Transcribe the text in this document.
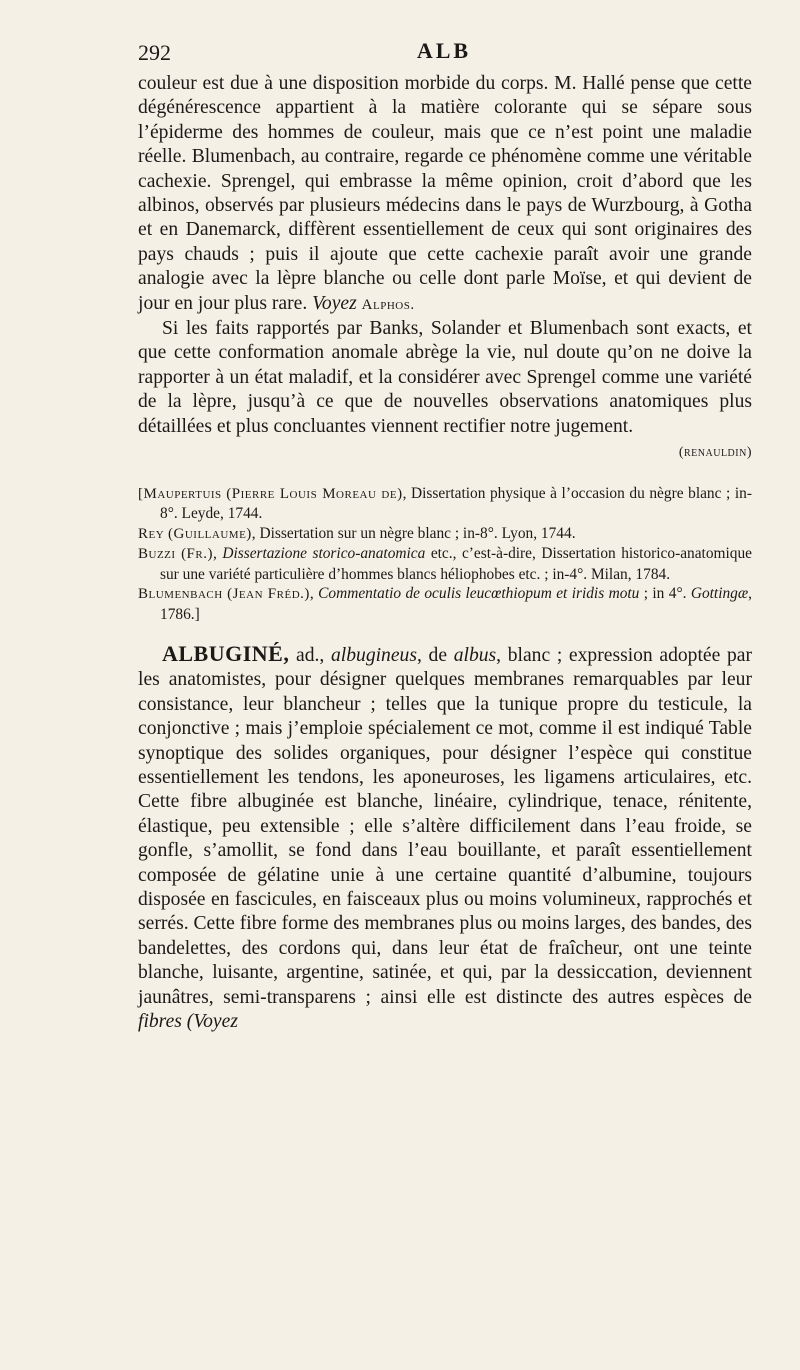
292	ALB

couleur est due à une disposition morbide du corps. M. Hallé pense que cette dégénérescence appartient à la matière colorante qui se sépare sous l’épiderme des hommes de couleur, mais que ce n’est point une maladie réelle. Blumenbach, au contraire, regarde ce phénomène comme une véritable cachexie. Sprengel, qui embrasse la même opinion, croit d’abord que les albinos, observés par plusieurs médecins dans le pays de Wurzbourg, à Gotha et en Danemarck, diffèrent essentiellement de ceux qui sont originaires des pays chauds ; puis il ajoute que cette cachexie paraît avoir une grande analogie avec la lèpre blanche ou celle dont parle Moïse, et qui devient de jour en jour plus rare. Voyez Alphos.

Si les faits rapportés par Banks, Solander et Blumenbach sont exacts, et que cette conformation anomale abrège la vie, nul doute qu’on ne doive la rapporter à un état maladif, et la considérer avec Sprengel comme une variété de la lèpre, jusqu’à ce que de nouvelles observations anatomiques plus détaillées et plus concluantes viennent rectifier notre jugement.

(renauldin)

[Maupertuis (Pierre Louis Moreau de), Dissertation physique à l’occasion du nègre blanc ; in-8°. Leyde, 1744.

Rey (Guillaume), Dissertation sur un nègre blanc ; in-8°. Lyon, 1744.

Buzzi (Fr.), Dissertazione storico-anatomica etc., c’est-à-dire, Dissertation historico-anatomique sur une variété particulière d’hommes blancs héliophobes etc. ; in-4°. Milan, 1784.

Blumenbach (Jean Fréd.), Commentatio de oculis leucœthiopum et iridis motu ; in 4°. Gottingæ, 1786.]

ALBUGINÉ, ad., albugineus, de albus, blanc ; expression adoptée par les anatomistes, pour désigner quelques membranes remarquables par leur consistance, leur blancheur ; telles que la tunique propre du testicule, la conjonctive ; mais j’emploie spécialement ce mot, comme il est indiqué Table synoptique des solides organiques, pour désigner l’espèce qui constitue essentiellement les tendons, les aponeuroses, les ligamens articulaires, etc. Cette fibre albuginée est blanche, linéaire, cylindrique, tenace, rénitente, élastique, peu extensible ; elle s’altère difficilement dans l’eau froide, se gonfle, s’amollit, se fond dans l’eau bouillante, et paraît essentiellement composée de gélatine unie à une certaine quantité d’albumine, toujours disposée en fascicules, en faisceaux plus ou moins volumineux, rapprochés et serrés. Cette fibre forme des membranes plus ou moins larges, des bandes, des bandelettes, des cordons qui, dans leur état de fraîcheur, ont une teinte blanche, luisante, argentine, satinée, et qui, par la dessiccation, deviennent jaunâtres, semi-transparens ; ainsi elle est distincte des autres espèces de fibres (Voyez
